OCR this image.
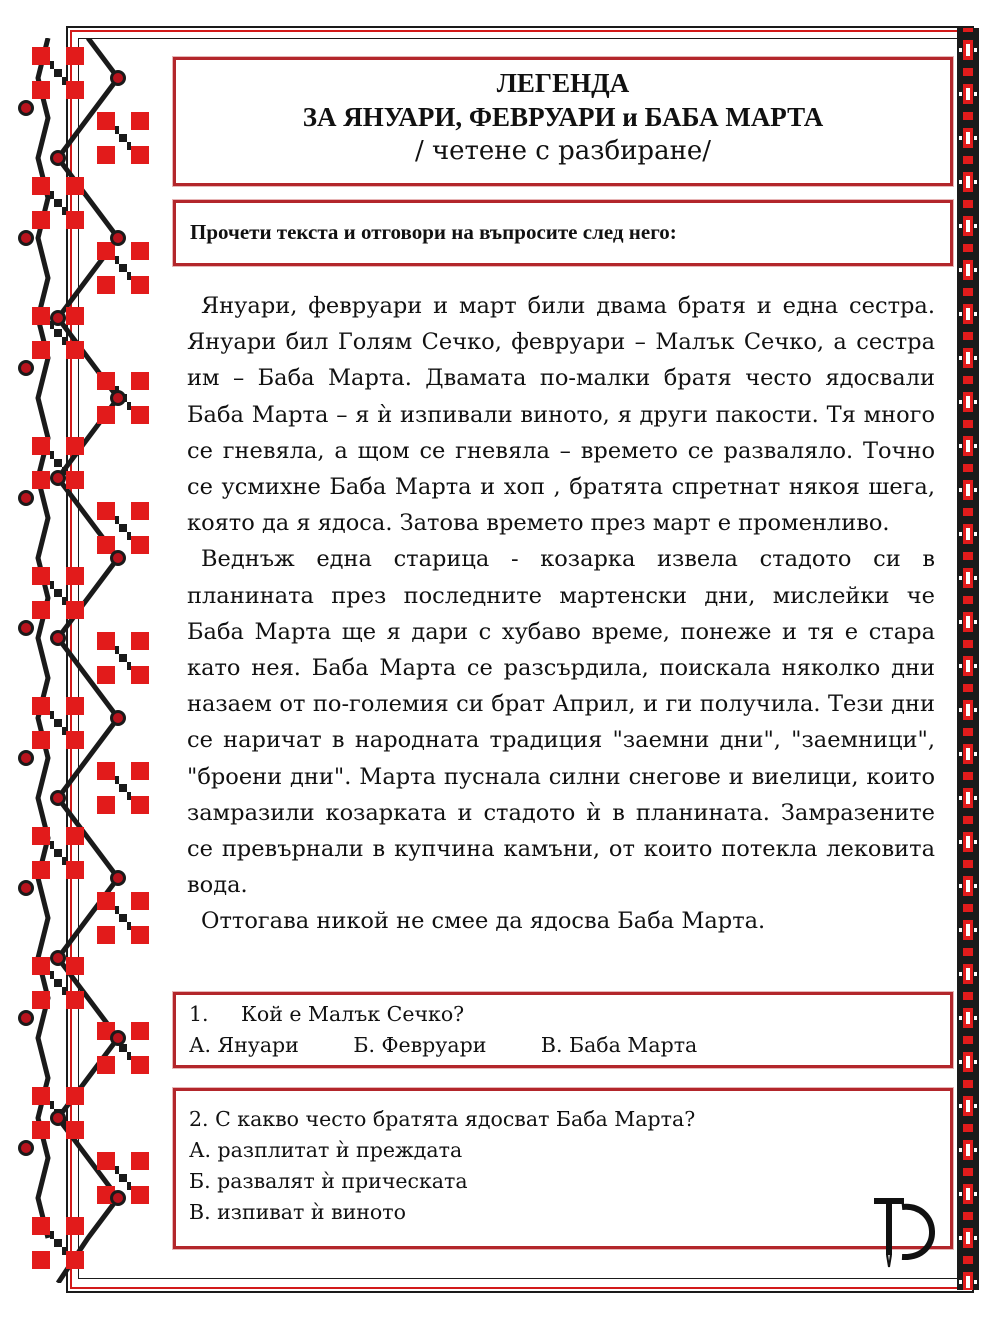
ЛЕГЕНДА
ЗА ЯНУАРИ, ФЕВРУАРИ и БАБА МАРТА
/ четене с разбиране/
Прочети текста и отговори на въпросите след него:

Януари, февруари и март били двама братя и една сестра. Януари бил Голям Сечко, февруари – Малък Сечко, а сестра им – Баба Марта. Двамата по-малки братя често ядосвали Баба Марта – я ѝ изпивали виното, я други пакости. Тя много се гневяла, а щом се гневяла – времето се разваляло. Точно се усмихне Баба Марта и хоп , братята спретнат някоя шега, която да я ядоса. Затова времето през март е променливо.

Веднъж една старица - козарка извела стадото си в планината през последните мартенски дни, мислейки че Баба Марта ще я дари с хубаво време, понеже и тя е стара като нея. Баба Марта се разсърдила, поискала няколко дни назаем от по-големия си брат Април, и ги получила. Тези дни се наричат в народната традиция "заемни дни", "заемници", "броени дни". Марта пуснала силни снегове и виелици, които замразили козарката и стадото ѝ в планината. Замразените се превърнали в купчина камъни, от които потекла лековита вода.

Оттогава никой не смее да ядосва Баба Марта.

1. Кой е Малък Сечко?
А. Януари	Б. Февруари	В. Баба Марта
2. С какво често братята ядосват Баба Марта?
А. разплитат ѝ преждата
Б. развалят ѝ прическата
В. изпиват ѝ виното
